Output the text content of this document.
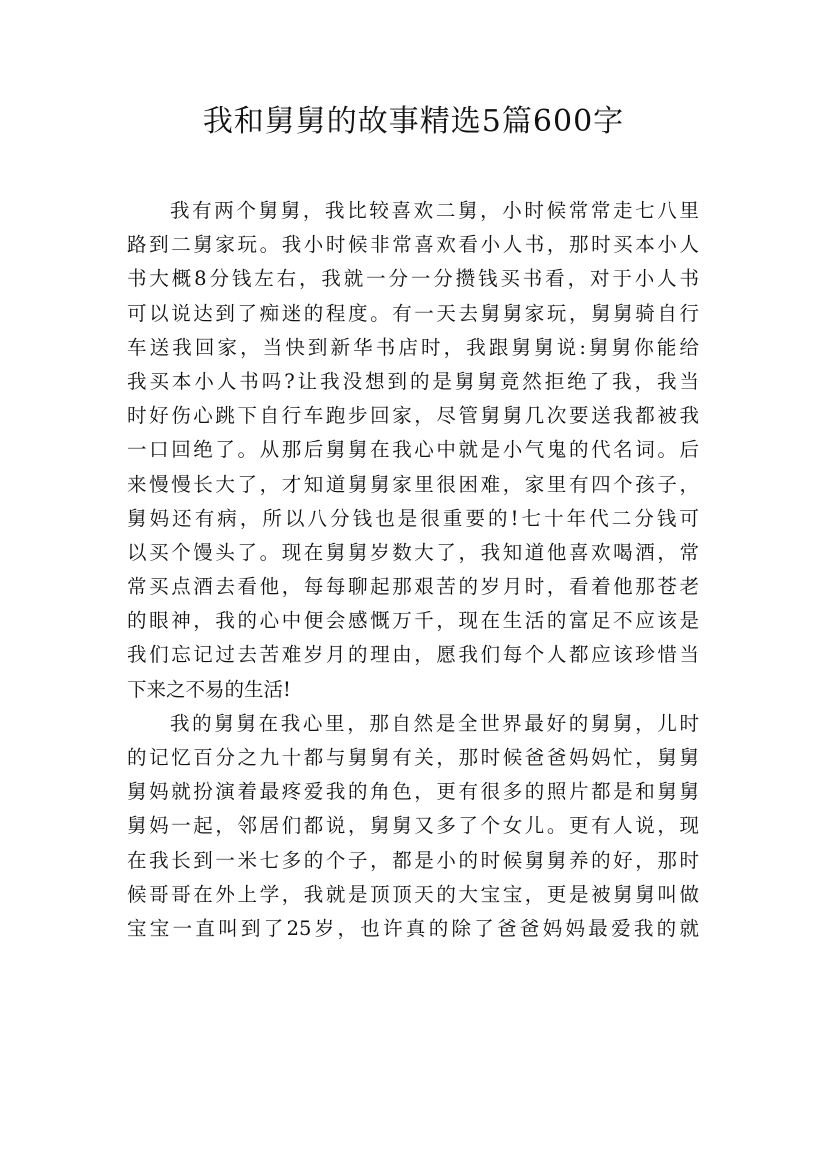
我和舅舅的故事精选5篇600字
我有两个舅舅，我比较喜欢二舅，小时候常常走七八里
路到二舅家玩。我小时候非常喜欢看小人书，那时买本小人
书大概8分钱左右，我就一分一分攒钱买书看，对于小人书
可以说达到了痴迷的程度。有一天去舅舅家玩，舅舅骑自行
车送我回家，当快到新华书店时，我跟舅舅说:舅舅你能给
我买本小人书吗?让我没想到的是舅舅竟然拒绝了我，我当
时好伤心跳下自行车跑步回家，尽管舅舅几次要送我都被我
一口回绝了。从那后舅舅在我心中就是小气鬼的代名词。后
来慢慢长大了，才知道舅舅家里很困难，家里有四个孩子，
舅妈还有病，所以八分钱也是很重要的!七十年代二分钱可
以买个馒头了。现在舅舅岁数大了，我知道他喜欢喝酒，常
常买点酒去看他，每每聊起那艰苦的岁月时，看着他那苍老
的眼神，我的心中便会感慨万千，现在生活的富足不应该是
我们忘记过去苦难岁月的理由，愿我们每个人都应该珍惜当
下来之不易的生活!
我的舅舅在我心里，那自然是全世界最好的舅舅，儿时
的记忆百分之九十都与舅舅有关，那时候爸爸妈妈忙，舅舅
舅妈就扮演着最疼爱我的角色，更有很多的照片都是和舅舅
舅妈一起，邻居们都说，舅舅又多了个女儿。更有人说，现
在我长到一米七多的个子，都是小的时候舅舅养的好，那时
候哥哥在外上学，我就是顶顶天的大宝宝，更是被舅舅叫做
宝宝一直叫到了25岁，也许真的除了爸爸妈妈最爱我的就
